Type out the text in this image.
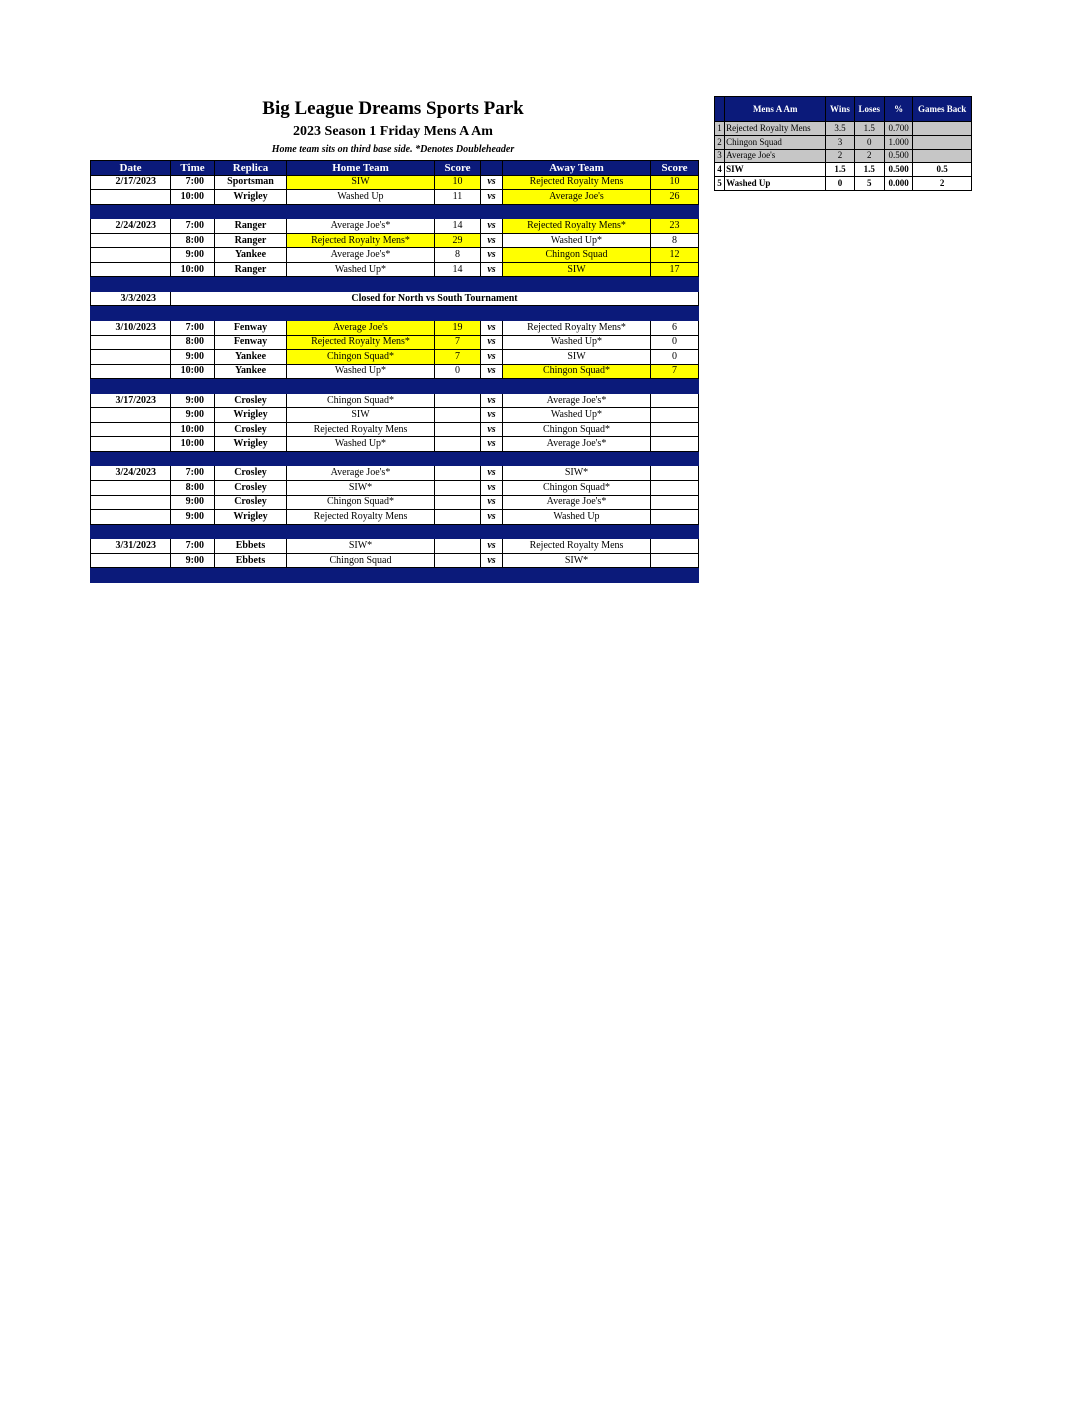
Big League Dreams Sports Park
2023 Season 1 Friday Mens A Am
Home team sits on third base side. *Denotes Doubleheader
Date	Time	Replica	Home Team	Score		Away Team	Score
2/17/2023	7:00	Sportsman	SIW	10	vs	Rejected Royalty Mens	10
	10:00	Wrigley	Washed Up	11	vs	Average Joe's	26

2/24/2023	7:00	Ranger	Average Joe's*	14	vs	Rejected Royalty Mens*	23
	8:00	Ranger	Rejected Royalty Mens*	29	vs	Washed Up*	8
	9:00	Yankee	Average Joe's*	8	vs	Chingon Squad	12
	10:00	Ranger	Washed Up*	14	vs	SIW	17

3/3/2023	Closed for North vs South Tournament						

3/10/2023	7:00	Fenway	Average Joe's	19	vs	Rejected Royalty Mens*	6
	8:00	Fenway	Rejected Royalty Mens*	7	vs	Washed Up*	0
	9:00	Yankee	Chingon Squad*	7	vs	SIW	0
	10:00	Yankee	Washed Up*	0	vs	Chingon Squad*	7

3/17/2023	9:00	Crosley	Chingon Squad*		vs	Average Joe's*	
	9:00	Wrigley	SIW		vs	Washed Up*	
	10:00	Crosley	Rejected Royalty Mens		vs	Chingon Squad*	
	10:00	Wrigley	Washed Up*		vs	Average Joe's*	

3/24/2023	7:00	Crosley	Average Joe's*		vs	SIW*	
	8:00	Crosley	SIW*		vs	Chingon Squad*	
	9:00	Crosley	Chingon Squad*		vs	Average Joe's*	
	9:00	Wrigley	Rejected Royalty Mens		vs	Washed Up	

3/31/2023	7:00	Ebbets	SIW*		vs	Rejected Royalty Mens	
	9:00	Ebbets	Chingon Squad		vs	SIW*	

	Mens A Am	Wins	Loses	%	Games Back
1	Rejected Royalty Mens	3.5	1.5	0.700	
2	Chingon Squad	3	0	1.000	
3	Average Joe's	2	2	0.500	
4	SIW	1.5	1.5	0.500	0.5
5	Washed Up	0	5	0.000	2
